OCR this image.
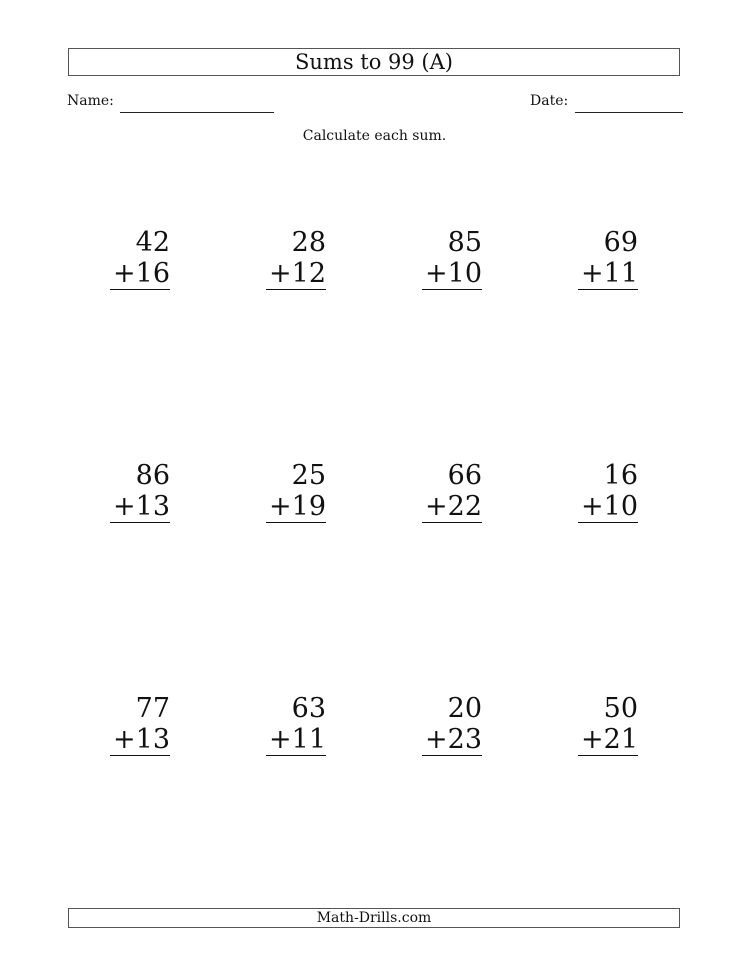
Sums to 99 (A)
Name:	Date:
Calculate each sum.
42
+16
28
+12
85
+10
69
+11
86
+13
25
+19
66
+22
16
+10
77
+13
63
+11
20
+23
50
+21
Math-Drills.com
